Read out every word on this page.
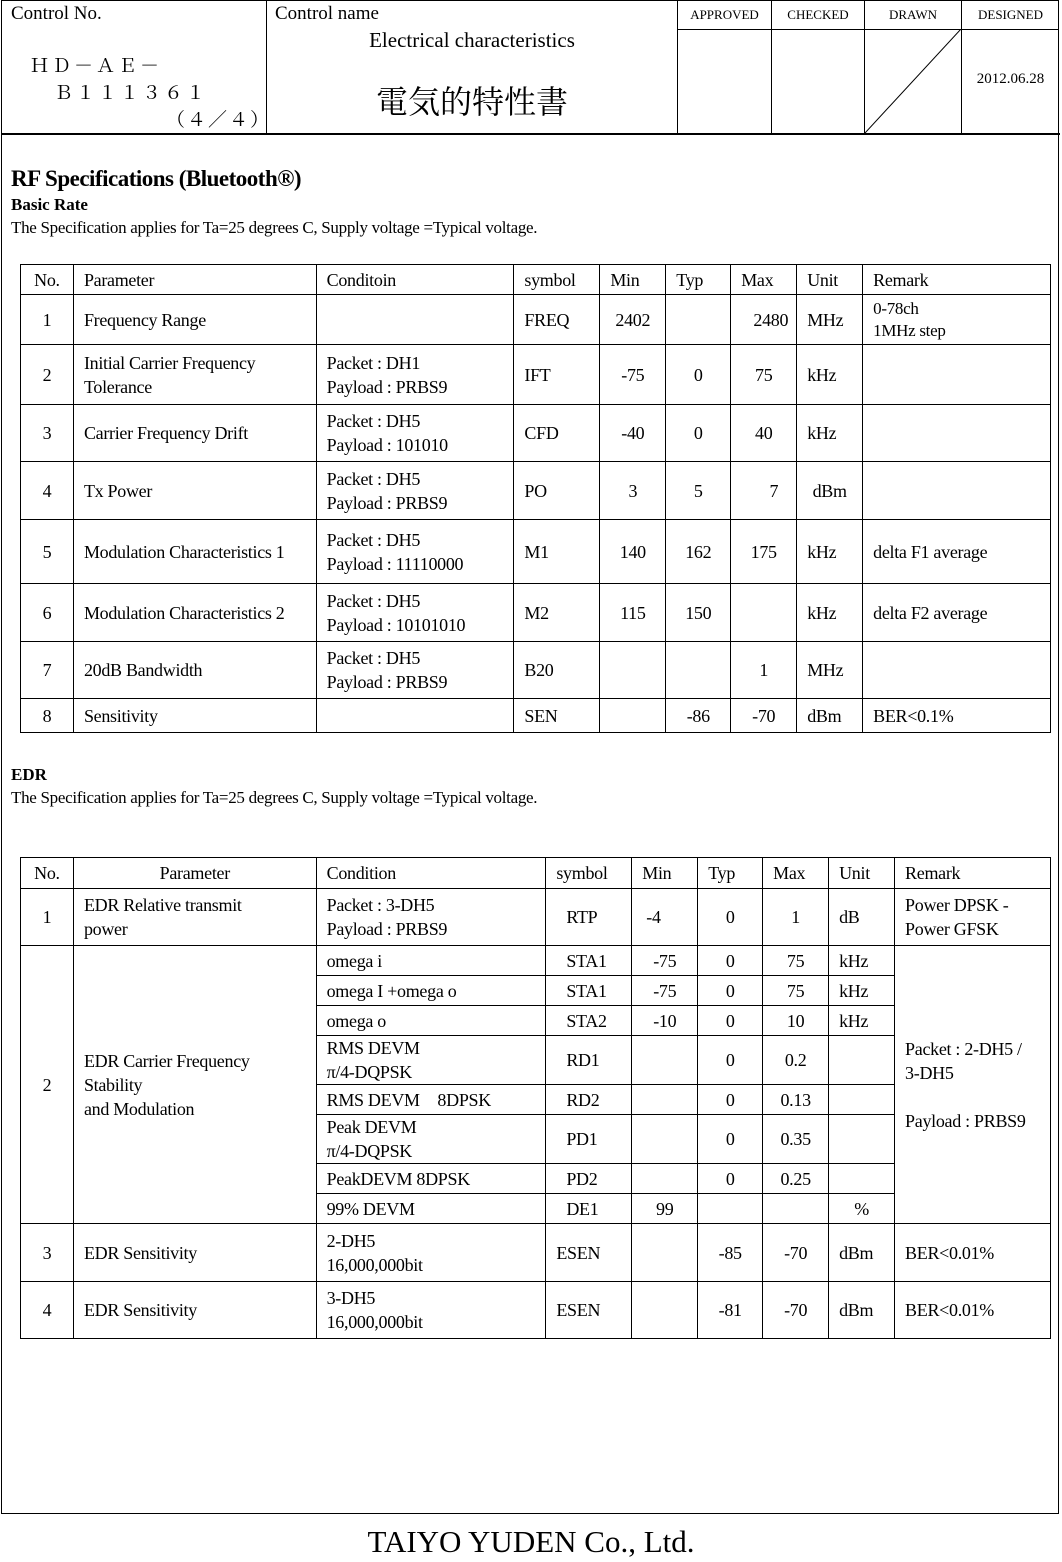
Control No.
ＨＤ－ＡＥ－
Ｂ１１１３６１
（４／４）
Control name
Electrical characteristics
電気的特性書
APPROVED	CHECKED	DRAWN	DESIGNED
2012.06.28
RF Specifications (Bluetooth®)
Basic Rate
The Specification applies for Ta=25 degrees C, Supply voltage =Typical voltage.
No.	Parameter	Conditoin	symbol	Min	Typ	Max	Unit	Remark
1	Frequency Range		FREQ	2402		2480	MHz	0-78ch
1MHz step
2	Initial Carrier Frequency
Tolerance	Packet : DH1
Payload : PRBS9	IFT	-75	0	75	kHz	
3	Carrier Frequency Drift	Packet : DH5
Payload : 101010	CFD	-40	0	40	kHz	
4	Tx Power	Packet : DH5
Payload : PRBS9	PO	3	5	7	dBm	
5	Modulation Characteristics 1	Packet : DH5
Payload : 11110000	M1	140	162	175	kHz	delta F1 average
6	Modulation Characteristics 2	Packet : DH5
Payload : 10101010	M2	115	150		kHz	delta F2 average
7	20dB Bandwidth	Packet : DH5
Payload : PRBS9	B20			1	MHz	
8	Sensitivity		SEN		-86	-70	dBm	BER<0.1%
EDR
The Specification applies for Ta=25 degrees C, Supply voltage =Typical voltage.
No.	Parameter	Condition	symbol	Min	Typ	Max	Unit	Remark
1	EDR Relative transmit
power	Packet : 3-DH5
Payload : PRBS9	RTP	-4	0	1	dB	Power DPSK -
Power GFSK
2	EDR Carrier Frequency
Stability
and Modulation	omega i	STA1	-75	0	75	kHz	Packet : 2-DH5 /
3-DH5

Payload : PRBS9
		omega I +omega o	STA1	-75	0	75	kHz	
		omega o	STA2	-10	0	10	kHz	
		RMS DEVM
π/4-DQPSK	RD1		0	0.2		
		RMS DEVM　8DPSK	RD2		0	0.13		
		Peak DEVM
π/4-DQPSK	PD1		0	0.35		
		PeakDEVM 8DPSK	PD2		0	0.25		
		99% DEVM	DE1	99			%	
3	EDR Sensitivity	2-DH5
16,000,000bit	ESEN		-85	-70	dBm	BER<0.01%
4	EDR Sensitivity	3-DH5
16,000,000bit	ESEN		-81	-70	dBm	BER<0.01%
TAIYO YUDEN Co., Ltd.
